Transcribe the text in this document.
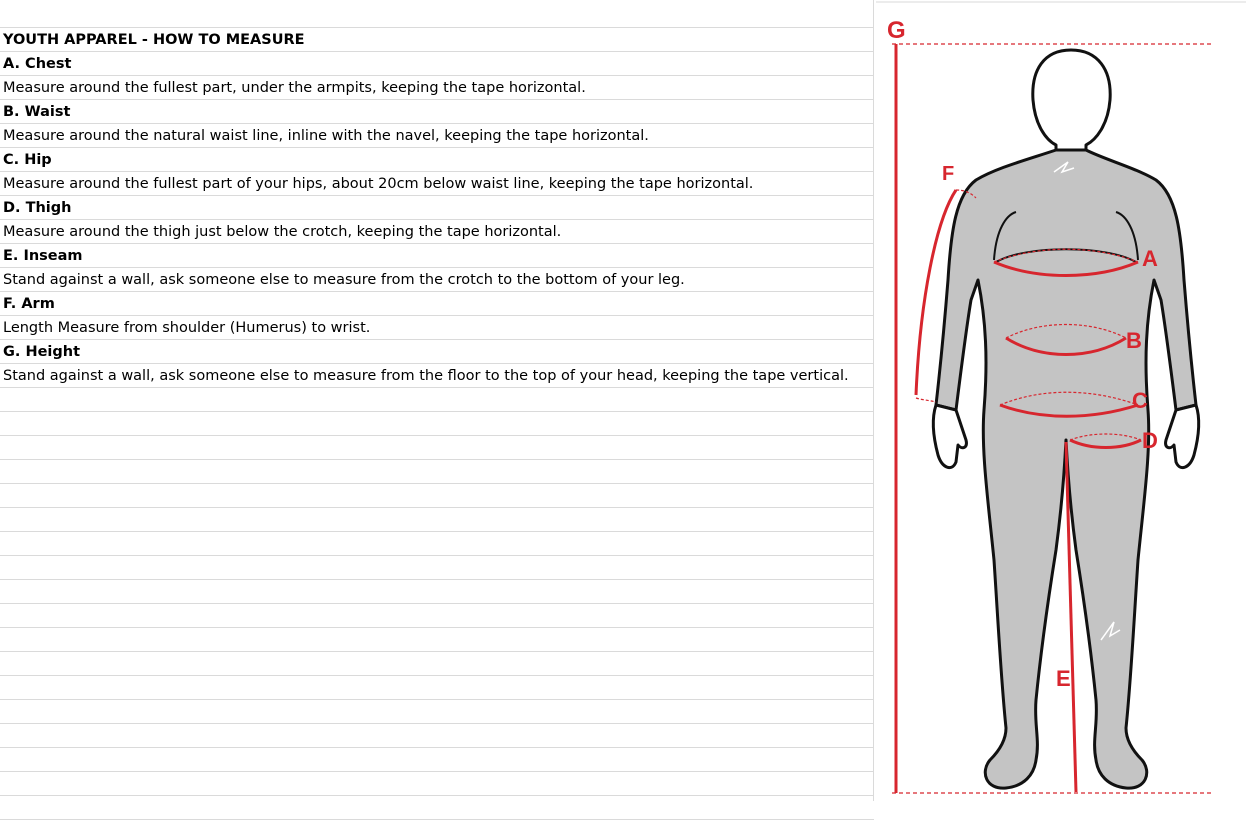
YOUTH APPAREL - HOW TO MEASURE
A. Chest
Measure around the fullest part, under the armpits, keeping the tape horizontal.
B. Waist
Measure around the natural waist line, inline with the navel, keeping the tape horizontal.
C. Hip
Measure around the fullest part of your hips, about 20cm below waist line, keeping the tape horizontal.
D. Thigh
Measure around the thigh just below the crotch, keeping the tape horizontal.
E. Inseam
Stand against a wall, ask someone else to measure from the crotch to the bottom of your leg.
F. Arm
Length Measure from shoulder (Humerus) to wrist.
G. Height
Stand against a wall, ask someone else to measure from the floor to the top of your head, keeping the tape vertical.
G
F
A
B
C
D
E
